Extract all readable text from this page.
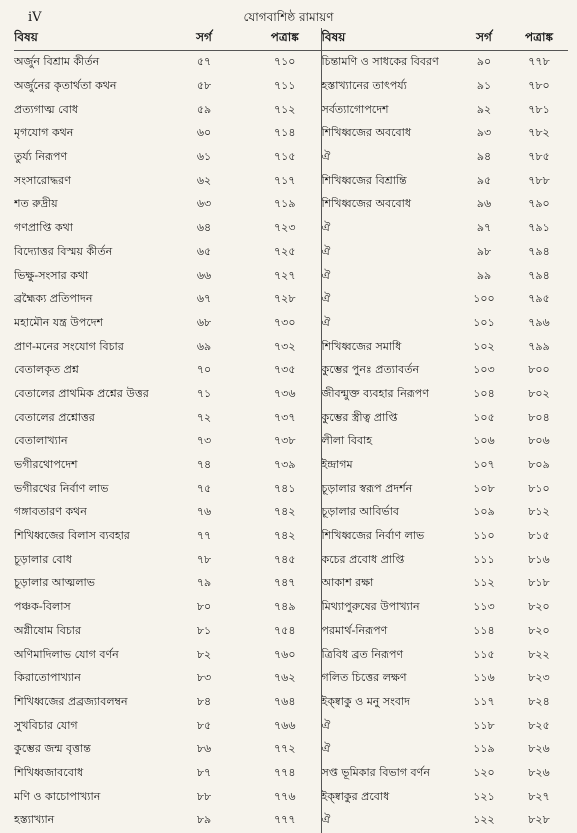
iV	যোগবাশিষ্ঠ রামায়ণ
বিষয়	সর্গ	পত্রাঙ্ক	বিষয়	সর্গ	পত্রাঙ্ক
অর্জুন বিশ্রাম কীর্তন	৫৭	৭১০	চিন্তামণি ও সাধকের বিবরণ	৯০	৭৭৮
অর্জুনের কৃতার্থতা কথন	৫৮	৭১১	হস্তাখ্যানের তাৎপর্য্য	৯১	৭৮০
প্রত্যগাত্ম বোধ	৫৯	৭১২	সর্বত্যাগোপদেশ	৯২	৭৮১
মৃগযোগ কথন	৬০	৭১৪	শিখিধ্বজের অববোধ	৯৩	৭৮২
তুর্য্য নিরূপণ	৬১	৭১৫	ঐ	৯৪	৭৮৫
সংসারোদ্ধরণ	৬২	৭১৭	শিখিধ্বজের বিশ্রান্তি	৯৫	৭৮৮
শত রুদ্রীয়	৬৩	৭১৯	শিখিধ্বজের অববোধ	৯৬	৭৯০
গণপ্রাপ্তি কথা	৬৪	৭২৩	ঐ	৯৭	৭৯১
বিদ্যোত্তর বিস্ময় কীর্তন	৬৫	৭২৫	ঐ	৯৮	৭৯৪
ভিক্ষু-সংসার কথা	৬৬	৭২৭	ঐ	৯৯	৭৯৪
ব্রহ্মৈক্য প্রতিপাদন	৬৭	৭২৮	ঐ	১০০	৭৯৫
মহামৌন যন্ত্র উপদেশ	৬৮	৭৩০	ঐ	১০১	৭৯৬
প্রাণ-মনের সংযোগ বিচার	৬৯	৭৩২	শিখিধ্বজের সমাধি	১০২	৭৯৯
বেতালকৃত প্রশ্ন	৭০	৭৩৫	কুম্ভের পুনঃ প্রত্যাবর্তন	১০৩	৮০০
বেতালের প্রাথমিক প্রশ্নের উত্তর	৭১	৭৩৬	জীবন্মুক্ত ব্যবহার নিরূপণ	১০৪	৮০২
বেতালের প্রশ্নোত্তর	৭২	৭৩৭	কুম্ভের স্ত্রীত্ব প্রাপ্তি	১০৫	৮০৪
বেতালাখ্যান	৭৩	৭৩৮	লীলা বিবাহ	১০৬	৮০৬
ভগীরথোপদেশ	৭৪	৭৩৯	ইন্দ্রাগম	১০৭	৮০৯
ভগীরথের নির্বাণ লাভ	৭৫	৭৪১	চূড়ালার স্বরূপ প্রদর্শন	১০৮	৮১০
গঙ্গাবতারণ কথন	৭৬	৭৪২	চূড়ালার আবির্ভাব	১০৯	৮১২
শিখিধ্বজের বিলাস ব্যবহার	৭৭	৭৪২	শিখিধ্বজের নির্বাণ লাভ	১১০	৮১৫
চূড়ালার বোধ	৭৮	৭৪৫	কচের প্রবোধ প্রাপ্তি	১১১	৮১৬
চূড়ালার আত্মলাভ	৭৯	৭৪৭	আকাশ রক্ষা	১১২	৮১৮
পঞ্চক-বিলাস	৮০	৭৪৯	মিথ্যাপুরুষের উপাখ্যান	১১৩	৮২০
অগ্নীষোম বিচার	৮১	৭৫৪	পরমার্থ-নিরূপণ	১১৪	৮২০
অণিমাদিলাভ যোগ বর্ণন	৮২	৭৬০	ত্রিবিধ ব্রত নিরূপণ	১১৫	৮২২
কিরাতোপাখ্যান	৮৩	৭৬২	গলিত চিত্তের লক্ষণ	১১৬	৮২৩
শিখিধ্বজের প্রব্রজ্যাবলম্বন	৮৪	৭৬৪	ইক্ষ্বাকু ও মনু সংবাদ	১১৭	৮২৪
সুখবিচার যোগ	৮৫	৭৬৬	ঐ	১১৮	৮২৫
কুম্ভের জন্ম বৃত্তান্ত	৮৬	৭৭২	ঐ	১১৯	৮২৬
শিখিধ্বজাববোধ	৮৭	৭৭৪	সপ্ত ভূমিকার বিভাগ বর্ণন	১২০	৮২৬
মণি ও কাচোপাখ্যান	৮৮	৭৭৬	ইক্ষ্বাকুর প্রবোধ	১২১	৮২৭
হস্ত্যাখ্যান	৮৯	৭৭৭	ঐ	১২২	৮২৮
